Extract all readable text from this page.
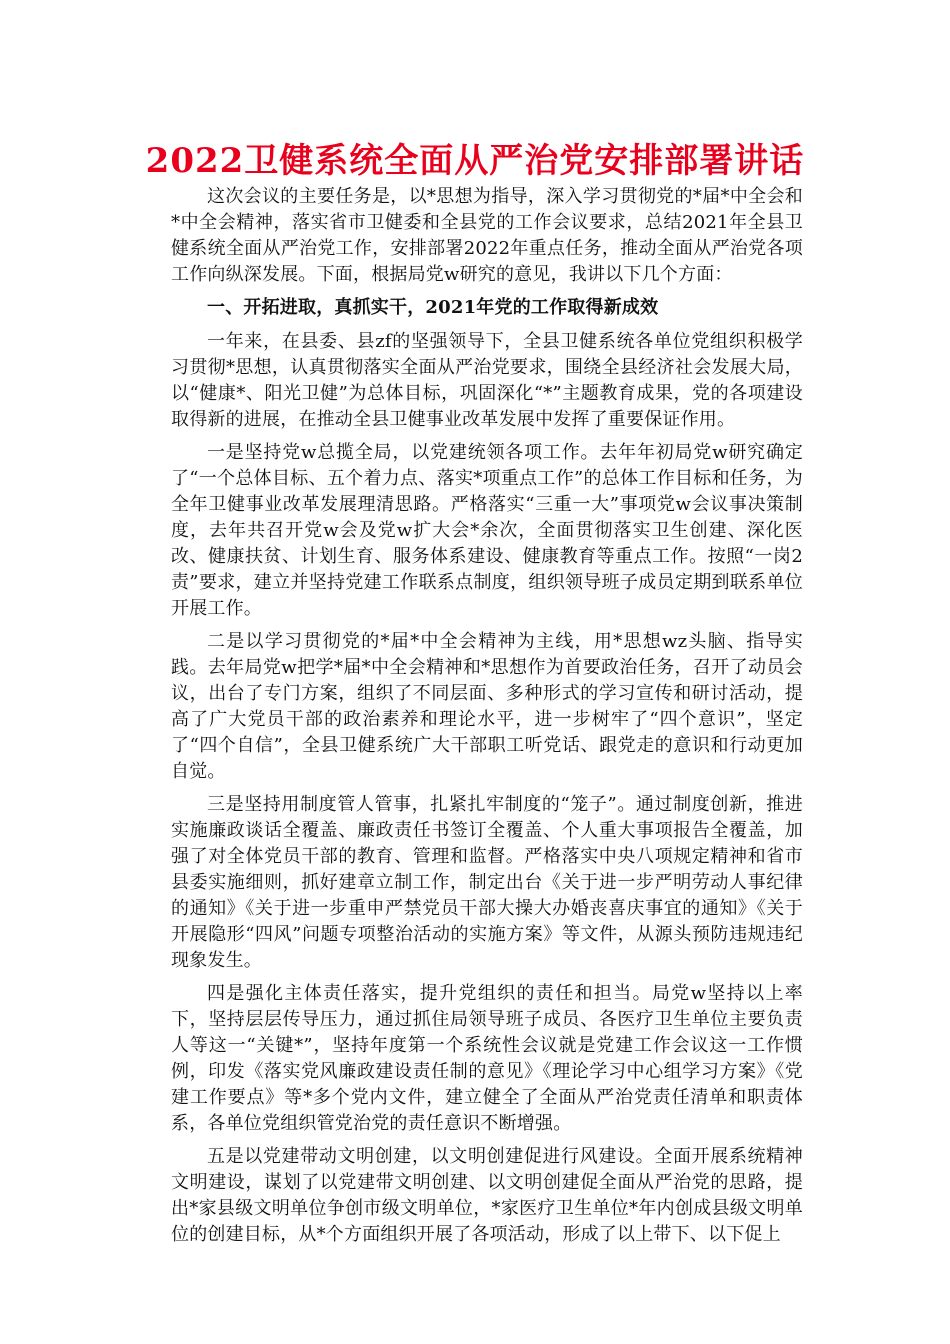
2022卫健系统全面从严治党安排部署讲话

这次会议的主要任务是，以*思想为指导，深入学习贯彻党的*届*中全会和*中全会精神，落实省市卫健委和全县党的工作会议要求，总结2021年全县卫健系统全面从严治党工作，安排部署2022年重点任务，推动全面从严治党各项工作向纵深发展。下面，根据局党w研究的意见，我讲以下几个方面：

一、开拓进取，真抓实干，2021年党的工作取得新成效

一年来，在县委、县zf的坚强领导下，全县卫健系统各单位党组织积极学习贯彻*思想，认真贯彻落实全面从严治党要求，围绕全县经济社会发展大局，以“健康*、阳光卫健”为总体目标，巩固深化“*”主题教育成果，党的各项建设取得新的进展，在推动全县卫健事业改革发展中发挥了重要保证作用。

一是坚持党w总揽全局，以党建统领各项工作。去年年初局党w研究确定了“一个总体目标、五个着力点、落实*项重点工作”的总体工作目标和任务，为全年卫健事业改革发展理清思路。严格落实“三重一大”事项党w会议事决策制度，去年共召开党w会及党w扩大会*余次，全面贯彻落实卫生创建、深化医改、健康扶贫、计划生育、服务体系建设、健康教育等重点工作。按照“一岗2责”要求，建立并坚持党建工作联系点制度，组织领导班子成员定期到联系单位开展工作。

二是以学习贯彻党的*届*中全会精神为主线，用*思想wz头脑、指导实践。去年局党w把学*届*中全会精神和*思想作为首要政治任务，召开了动员会议，出台了专门方案，组织了不同层面、多种形式的学习宣传和研讨活动，提高了广大党员干部的政治素养和理论水平，进一步树牢了“四个意识”，坚定了“四个自信”，全县卫健系统广大干部职工听党话、跟党走的意识和行动更加自觉。

三是坚持用制度管人管事，扎紧扎牢制度的“笼子”。通过制度创新，推进实施廉政谈话全覆盖、廉政责任书签订全覆盖、个人重大事项报告全覆盖，加强了对全体党员干部的教育、管理和监督。严格落实中央八项规定精神和省市县委实施细则，抓好建章立制工作，制定出台《关于进一步严明劳动人事纪律的通知》《关于进一步重申严禁党员干部大操大办婚丧喜庆事宜的通知》《关于开展隐形“四风”问题专项整治活动的实施方案》等文件，从源头预防违规违纪现象发生。

四是强化主体责任落实，提升党组织的责任和担当。局党w坚持以上率下，坚持层层传导压力，通过抓住局领导班子成员、各医疗卫生单位主要负责人等这一“关键*”，坚持年度第一个系统性会议就是党建工作会议这一工作惯例，印发《落实党风廉政建设责任制的意见》《理论学习中心组学习方案》《党建工作要点》等*多个党内文件，建立健全了全面从严治党责任清单和职责体系，各单位党组织管党治党的责任意识不断增强。

五是以党建带动文明创建，以文明创建促进行风建设。全面开展系统精神文明建设，谋划了以党建带文明创建、以文明创建促全面从严治党的思路，提出*家县级文明单位争创市级文明单位，*家医疗卫生单位*年内创成县级文明单位的创建目标，从*个方面组织开展了各项活动，形成了以上带下、以下促上
